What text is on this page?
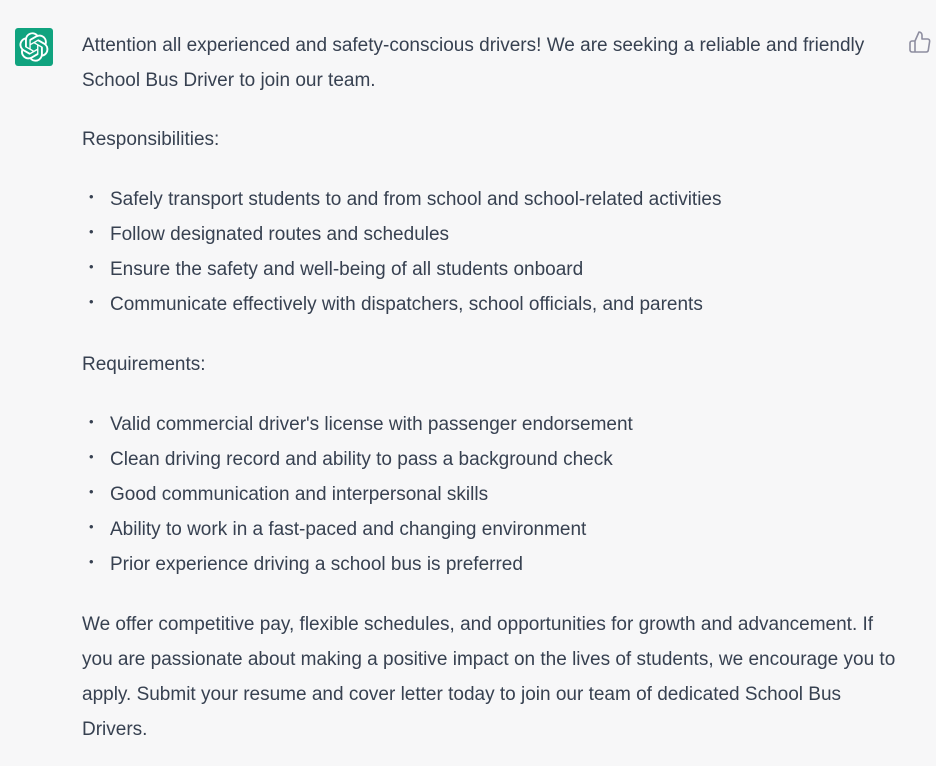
Attention all experienced and safety-conscious drivers! We are seeking a reliable and friendly School Bus Driver to join our team.

Responsibilities:

• Safely transport students to and from school and school-related activities
• Follow designated routes and schedules
• Ensure the safety and well-being of all students onboard
• Communicate effectively with dispatchers, school officials, and parents

Requirements:

• Valid commercial driver's license with passenger endorsement
• Clean driving record and ability to pass a background check
• Good communication and interpersonal skills
• Ability to work in a fast-paced and changing environment
• Prior experience driving a school bus is preferred

We offer competitive pay, flexible schedules, and opportunities for growth and advancement. If you are passionate about making a positive impact on the lives of students, we encourage you to apply. Submit your resume and cover letter today to join our team of dedicated School Bus Drivers.
